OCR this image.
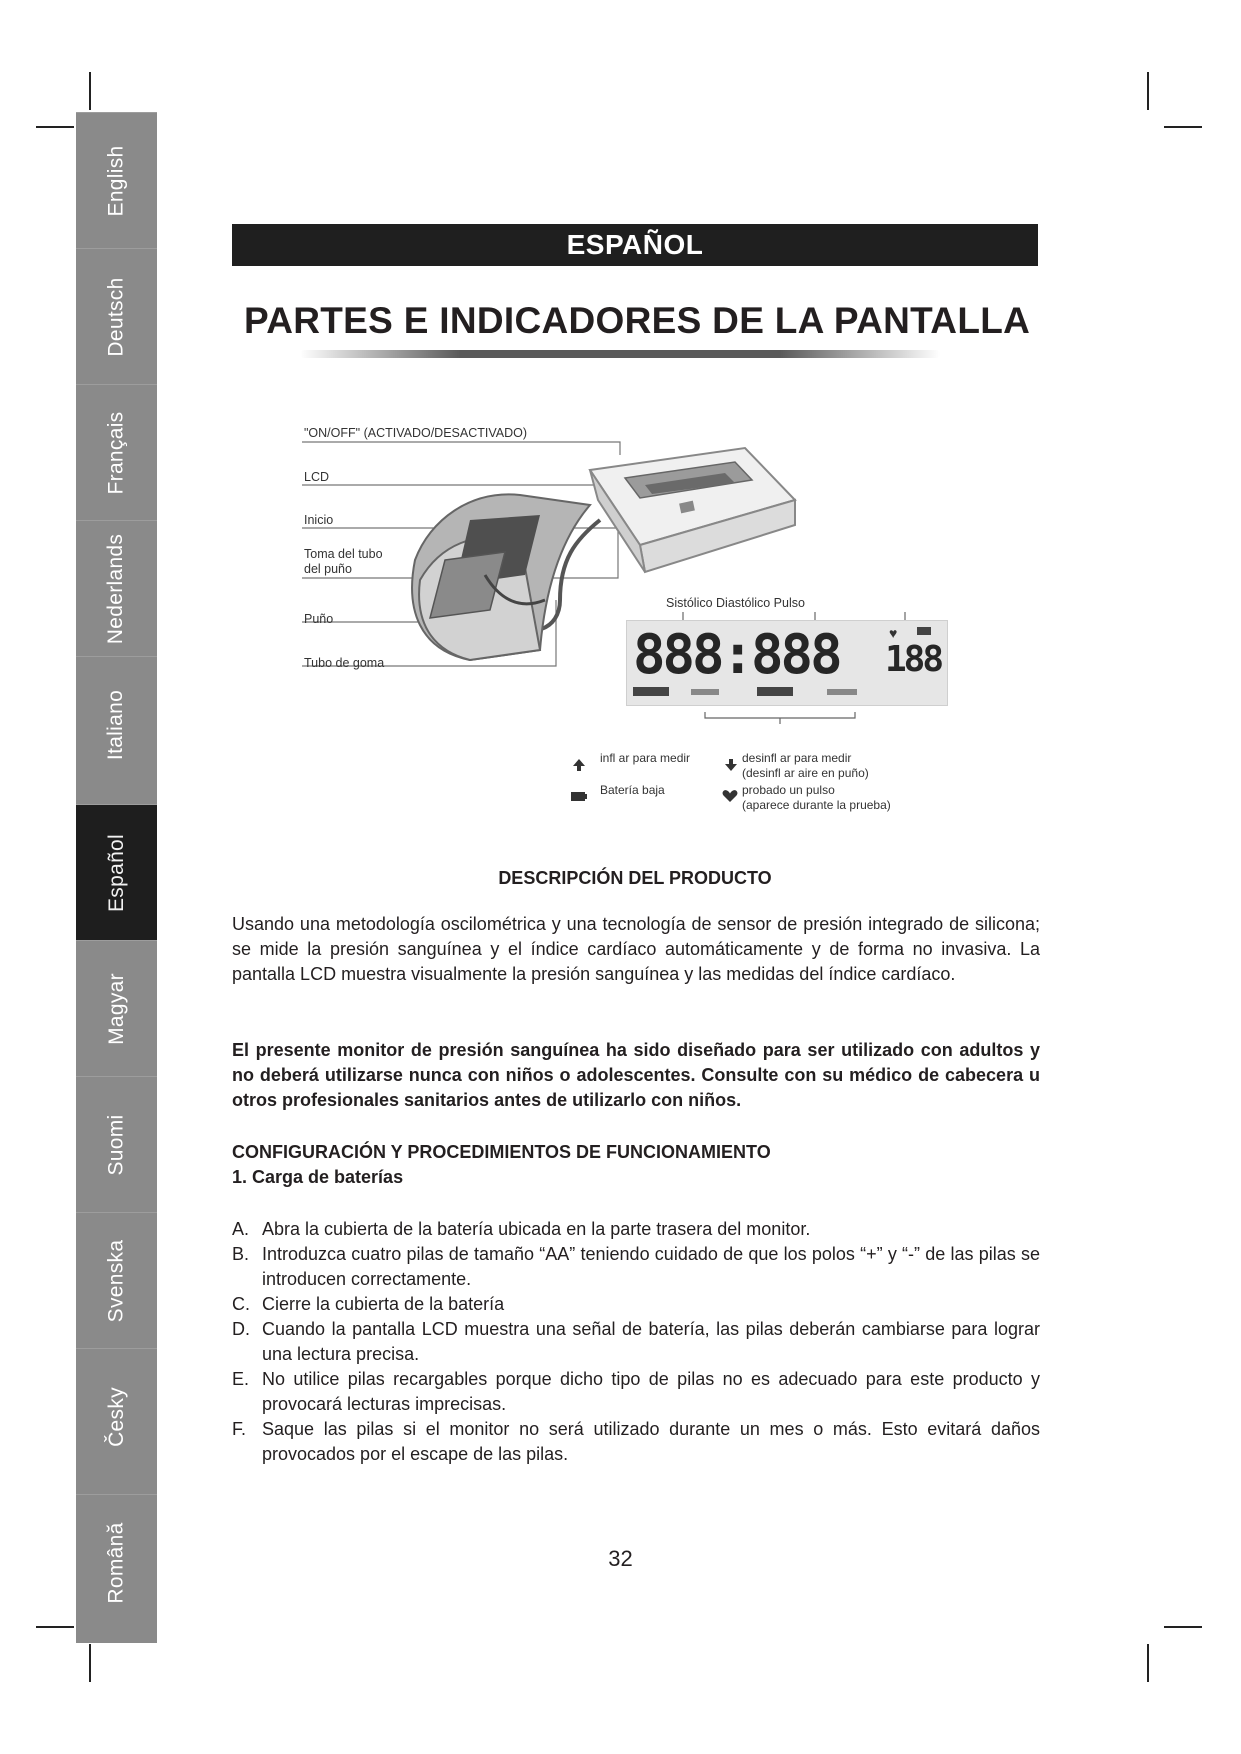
English
Deutsch
Français
Nederlands
Italiano
Español
Magyar
Suomi
Svenska
Česky
Română
ESPAÑOL
PARTES E INDICADORES DE LA PANTALLA
"ON/OFF" (ACTIVADO/DESACTIVADO)
LCD
Inicio
Toma del tubo
del puño
Puño
Tubo de goma
Sistólico Diastólico Pulso
888:888 188
♥
infl ar para medir	desinfl ar para medir
(desinfl ar aire en puño)
Batería baja	probado un pulso
(aparece durante la prueba)
DESCRIPCIÓN DEL PRODUCTO

Usando una metodología oscilométrica y una tecnología de sensor de presión integrado de silicona; se mide la presión sanguínea y el índice cardíaco automáticamente y de forma no invasiva. La pantalla LCD muestra visualmente la presión sanguínea y las medidas del índice cardíaco.

El presente monitor de presión sanguínea ha sido diseñado para ser utilizado con adultos y no deberá utilizarse nunca con niños o adolescentes. Consulte con su médico de cabecera u otros profesionales sanitarios antes de utilizarlo con niños.

CONFIGURACIÓN Y PROCEDIMIENTOS DE FUNCIONAMIENTO
1. Carga de baterías
A. Abra la cubierta de la batería ubicada en la parte trasera del monitor.
B. Introduzca cuatro pilas de tamaño “AA” teniendo cuidado de que los polos “+” y “-” de las pilas se introducen correctamente.
C. Cierre la cubierta de la batería
D. Cuando la pantalla LCD muestra una señal de batería, las pilas deberán cambiarse para lograr una lectura precisa.
E. No utilice pilas recargables porque dicho tipo de pilas no es adecuado para este producto y provocará lecturas imprecisas.
F. Saque las pilas si el monitor no será utilizado durante un mes o más. Esto evitará daños provocados por el escape de las pilas.
32
